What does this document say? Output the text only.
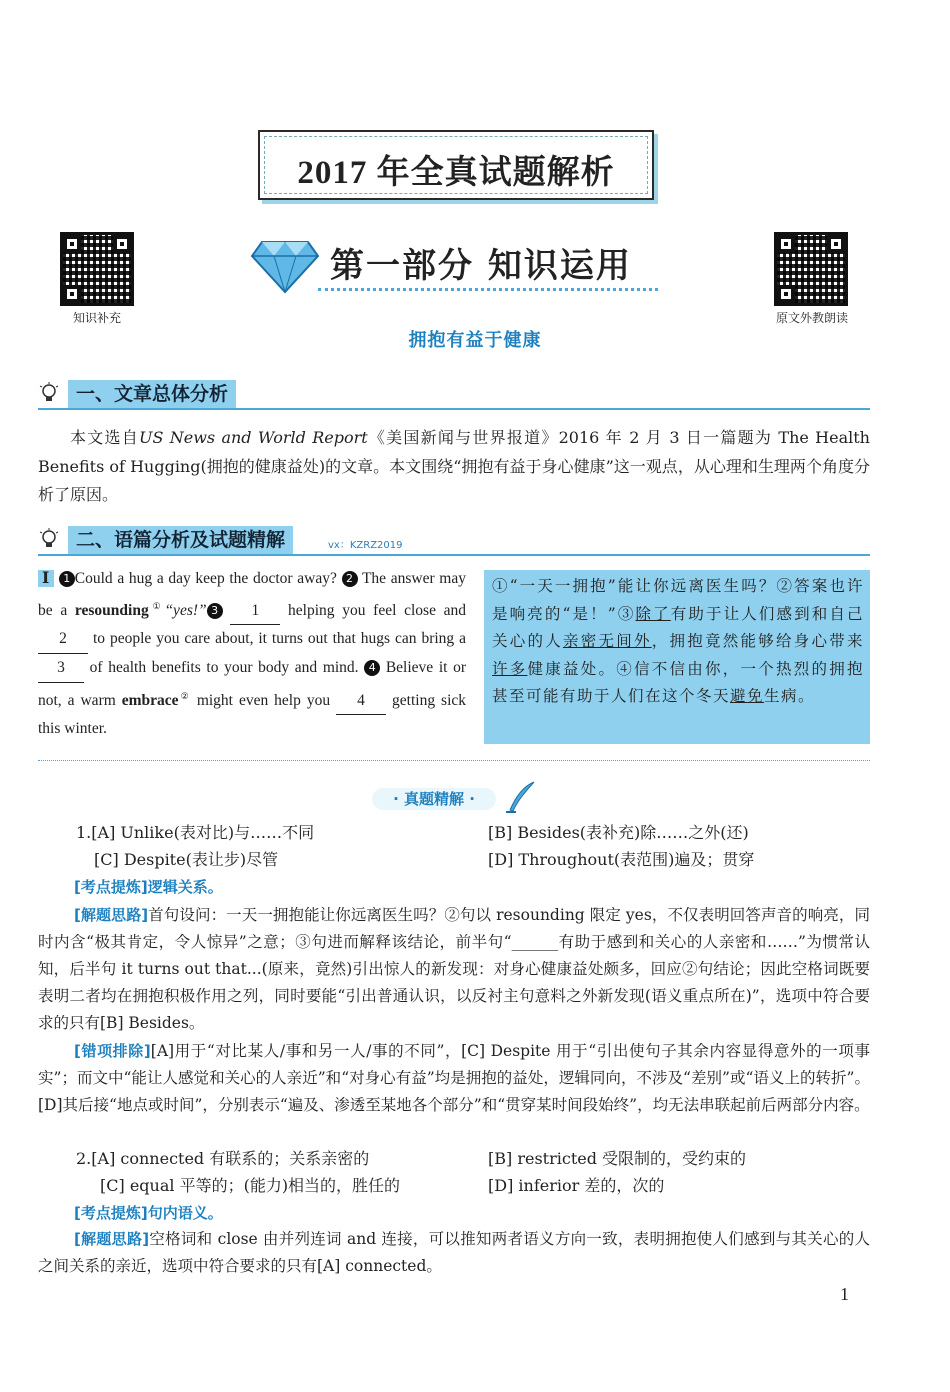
2017 年全真试题解析
知识补充	原文外教朗读
第一部分 知识运用
拥抱有益于健康
一、文章总体分析
本文选自US News and World Report《美国新闻与世界报道》2016 年 2 月 3 日一篇题为 The Health Benefits of Hugging(拥抱的健康益处)的文章。本文围绕“拥抱有益于身心健康”这一观点，从心理和生理两个角度分析了原因。
二、语篇分析及试题精解	vx：KZRZ2019
Ⅰ 1 Could a hug a day keep the doctor away? 2 The answer may be a resounding①“yes!” 3 1 helping you feel close and 2 to people you care about, it turns out that hugs can bring a 3 of health benefits to your body and mind. 4 Believe it or not, a warm embrace② might even help you 4 getting sick this winter.
①“一天一拥抱”能让你远离医生吗？②答案也许是响亮的“是！”③除了有助于让人们感到和自己关心的人亲密无间外，拥抱竟然能够给身心带来许多健康益处。④信不信由你，一个热烈的拥抱甚至可能有助于人们在这个冬天避免生病。
· 真题精解 ·
1.[A] Unlike(表对比)与……不同	[B] Besides(表补充)除……之外(还)
[C] Despite(表让步)尽管	[D] Throughout(表范围)遍及；贯穿
[考点提炼]逻辑关系。
[解题思路]首句设问：一天一拥抱能让你远离医生吗？②句以 resounding 限定 yes，不仅表明回答声音的响亮，同时内含“极其肯定，令人惊异”之意；③句进而解释该结论，前半句“______有助于感到和关心的人亲密和……”为惯常认知，后半句 it turns out that...(原来，竟然)引出惊人的新发现：对身心健康益处颇多，回应②句结论；因此空格词既要表明二者均在拥抱积极作用之列，同时要能“引出普通认识，以反衬主句意料之外新发现(语义重点所在)”，选项中符合要求的只有[B] Besides。
[错项排除][A]用于“对比某人/事和另一人/事的不同”，[C] Despite 用于“引出使句子其余内容显得意外的一项事实”；而文中“能让人感觉和关心的人亲近”和“对身心有益”均是拥抱的益处，逻辑同向，不涉及“差别”或“语义上的转折”。[D]其后接“地点或时间”，分别表示“遍及、渗透至某地各个部分”和“贯穿某时间段始终”，均无法串联起前后两部分内容。
2.[A] connected 有联系的；关系亲密的	[B] restricted 受限制的，受约束的
[C] equal 平等的；(能力)相当的，胜任的	[D] inferior 差的，次的
[考点提炼]句内语义。
[解题思路]空格词和 close 由并列连词 and 连接，可以推知两者语义方向一致，表明拥抱使人们感到与其关心的人之间关系的亲近，选项中符合要求的只有[A] connected。
1
